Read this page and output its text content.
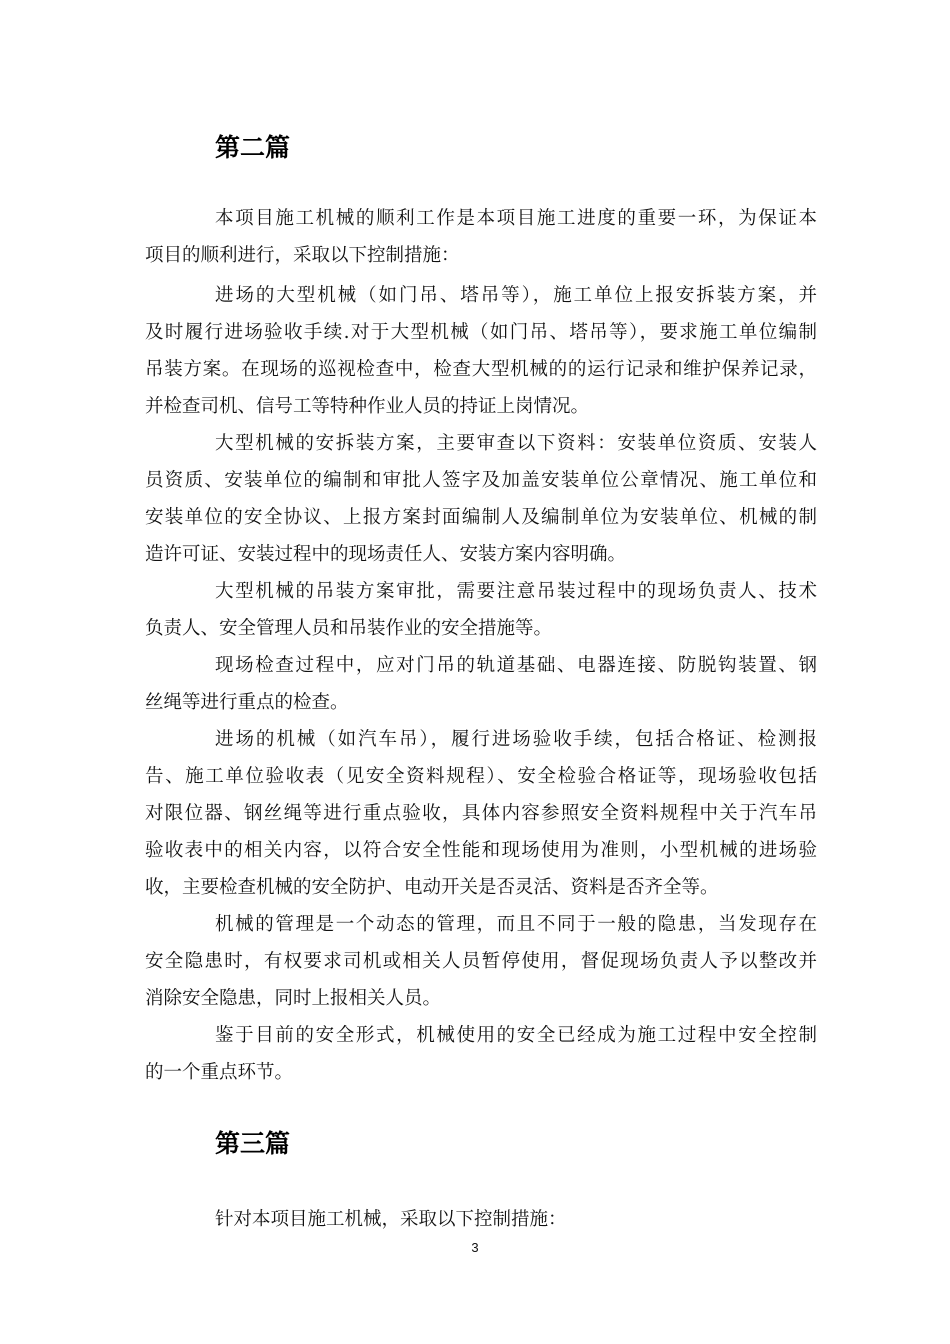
第二篇
本项目施工机械的顺利工作是本项目施工进度的重要一环，为保证本
项目的顺利进行，采取以下控制措施：
进场的大型机械（如门吊、塔吊等），施工单位上报安拆装方案，并
及时履行进场验收手续.对于大型机械（如门吊、塔吊等），要求施工单位编制
吊装方案。在现场的巡视检查中，检查大型机械的的运行记录和维护保养记录，
并检查司机、信号工等特种作业人员的持证上岗情况。
大型机械的安拆装方案，主要审查以下资料：安装单位资质、安装人
员资质、安装单位的编制和审批人签字及加盖安装单位公章情况、施工单位和
安装单位的安全协议、上报方案封面编制人及编制单位为安装单位、机械的制
造许可证、安装过程中的现场责任人、安装方案内容明确。
大型机械的吊装方案审批，需要注意吊装过程中的现场负责人、技术
负责人、安全管理人员和吊装作业的安全措施等。
现场检查过程中，应对门吊的轨道基础、电器连接、防脱钩装置、钢
丝绳等进行重点的检查。
进场的机械（如汽车吊），履行进场验收手续，包括合格证、检测报
告、施工单位验收表（见安全资料规程）、安全检验合格证等，现场验收包括
对限位器、钢丝绳等进行重点验收，具体内容参照安全资料规程中关于汽车吊
验收表中的相关内容，以符合安全性能和现场使用为准则，小型机械的进场验
收，主要检查机械的安全防护、电动开关是否灵活、资料是否齐全等。
机械的管理是一个动态的管理，而且不同于一般的隐患，当发现存在
安全隐患时，有权要求司机或相关人员暂停使用，督促现场负责人予以整改并
消除安全隐患，同时上报相关人员。
鉴于目前的安全形式，机械使用的安全已经成为施工过程中安全控制
的一个重点环节。
第三篇
针对本项目施工机械，采取以下控制措施：
3
